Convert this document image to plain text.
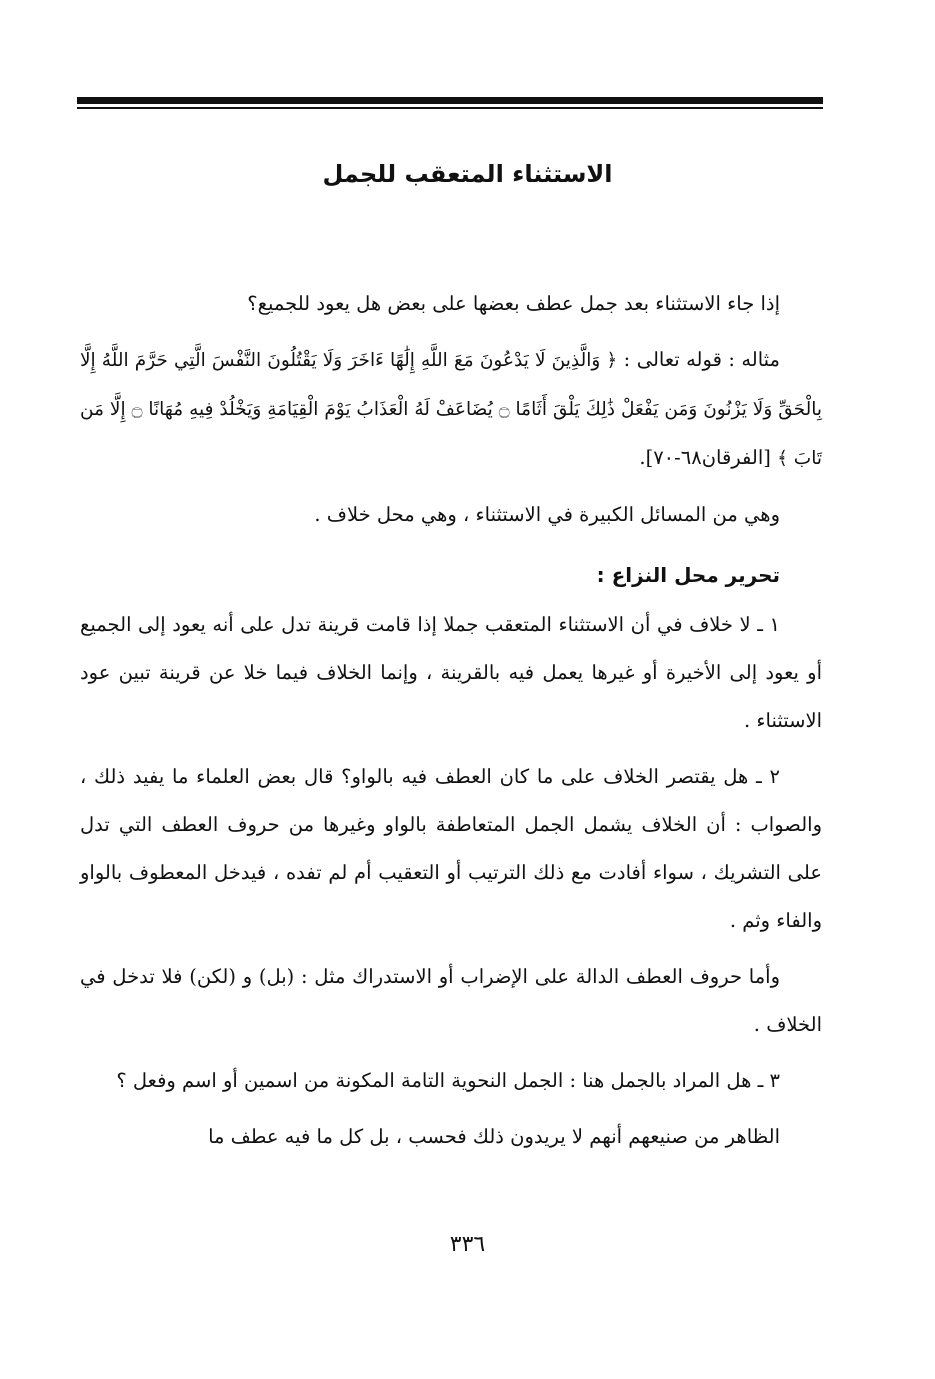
الاستثناء المتعقب للجمل

إذا جاء الاستثناء بعد جمل عطف بعضها على بعض هل يعود للجميع؟

مثاله : قوله تعالى : ﴿ وَالَّذِينَ لَا يَدْعُونَ مَعَ اللَّهِ إِلَٰهًا ءَاخَرَ وَلَا يَقْتُلُونَ النَّفْسَ الَّتِي حَرَّمَ اللَّهُ إِلَّا بِالْحَقِّ وَلَا يَزْنُونَ وَمَن يَفْعَلْ ذَٰلِكَ يَلْقَ أَثَامًا ۝ يُضَاعَفْ لَهُ الْعَذَابُ يَوْمَ الْقِيَامَةِ وَيَخْلُدْ فِيهِ مُهَانًا ۝ إِلَّا مَن تَابَ ﴾ [الفرقان٦٨-٧٠].

وهي من المسائل الكبيرة في الاستثناء ، وهي محل خلاف .

تحرير محل النزاع :

١ ـ لا خلاف في أن الاستثناء المتعقب جملا إذا قامت قرينة تدل على أنه يعود إلى الجميع أو يعود إلى الأخيرة أو غيرها يعمل فيه بالقرينة ، وإنما الخلاف فيما خلا عن قرينة تبين عود الاستثناء .

٢ ـ هل يقتصر الخلاف على ما كان العطف فيه بالواو؟ قال بعض العلماء ما يفيد ذلك ، والصواب : أن الخلاف يشمل الجمل المتعاطفة بالواو وغيرها من حروف العطف التي تدل على التشريك ، سواء أفادت مع ذلك الترتيب أو التعقيب أم لم تفده ، فيدخل المعطوف بالواو والفاء وثم .

وأما حروف العطف الدالة على الإضراب أو الاستدراك مثل : (بل) و (لكن) فلا تدخل في الخلاف .

٣ ـ هل المراد بالجمل هنا : الجمل النحوية التامة المكونة من اسمين أو اسم وفعل ؟

الظاهر من صنيعهم أنهم لا يريدون ذلك فحسب ، بل كل ما فيه عطف ما

٣٣٦
